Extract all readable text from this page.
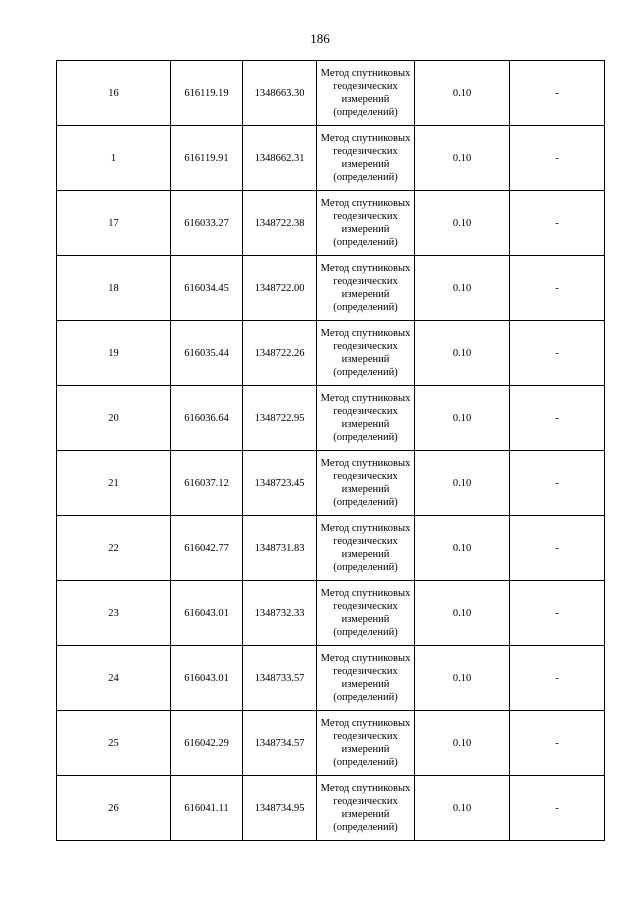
186
16	616119.19	1348663.30	Метод спутниковых геодезических измерений (определений)	0.10	-
1	616119.91	1348662.31	Метод спутниковых геодезических измерений (определений)	0.10	-
17	616033.27	1348722.38	Метод спутниковых геодезических измерений (определений)	0.10	-
18	616034.45	1348722.00	Метод спутниковых геодезических измерений (определений)	0.10	-
19	616035.44	1348722.26	Метод спутниковых геодезических измерений (определений)	0.10	-
20	616036.64	1348722.95	Метод спутниковых геодезических измерений (определений)	0.10	-
21	616037.12	1348723.45	Метод спутниковых геодезических измерений (определений)	0.10	-
22	616042.77	1348731.83	Метод спутниковых геодезических измерений (определений)	0.10	-
23	616043.01	1348732.33	Метод спутниковых геодезических измерений (определений)	0.10	-
24	616043.01	1348733.57	Метод спутниковых геодезических измерений (определений)	0.10	-
25	616042.29	1348734.57	Метод спутниковых геодезических измерений (определений)	0.10	-
26	616041.11	1348734.95	Метод спутниковых геодезических измерений (определений)	0.10	-
